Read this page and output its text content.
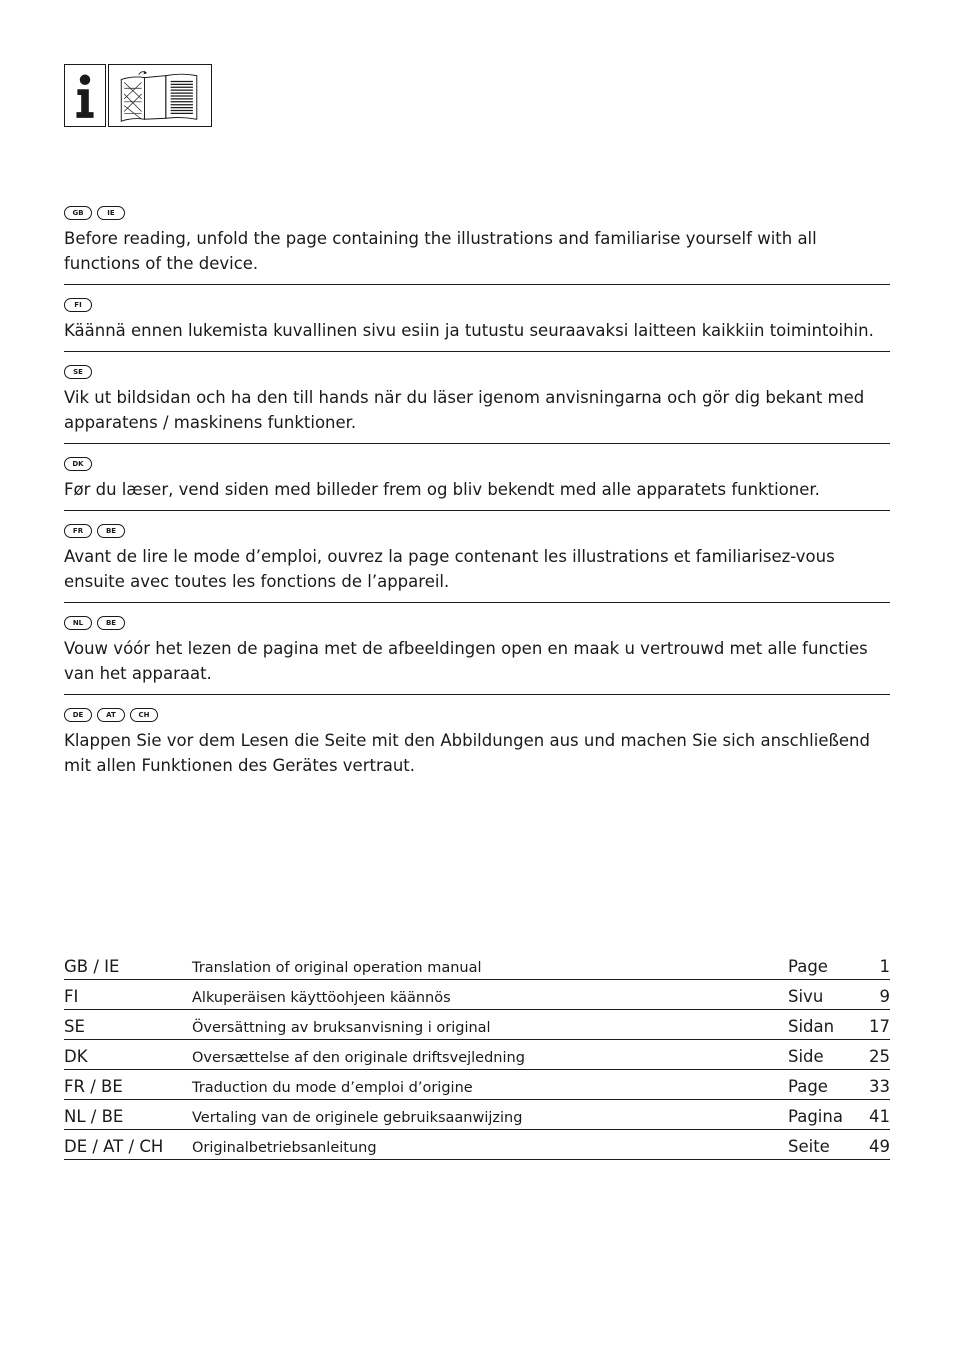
GB	IE

Before reading, unfold the page containing the illustrations and familiarise yourself with all functions of the device.

FI

Käännä ennen lukemista kuvallinen sivu esiin ja tutustu seuraavaksi laitteen kaikkiin toimintoihin.

SE

Vik ut bildsidan och ha den till hands när du läser igenom anvisningarna och gör dig bekant med apparatens / maskinens funktioner.

DK

Før du læser, vend siden med billeder frem og bliv bekendt med alle apparatets funktioner.

FR	BE

Avant de lire le mode d’emploi, ouvrez la page contenant les illustrations et familiarisez-vous ensuite avec toutes les fonctions de l’appareil.

NL	BE

Vouw vóór het lezen de pagina met de afbeeldingen open en maak u vertrouwd met alle functies van het apparaat.

DE	AT	CH

Klappen Sie vor dem Lesen die Seite mit den Abbildungen aus und machen Sie sich anschließend mit allen Funktionen des Gerätes vertraut.

GB / IE	Translation of original operation manual	Page	1
FI	Alkuperäisen käyttöohjeen käännös	Sivu	9
SE	Översättning av bruksanvisning i original	Sidan	17
DK	Oversættelse af den originale driftsvejledning	Side	25
FR / BE	Traduction du mode d’emploi d’origine	Page	33
NL / BE	Vertaling van de originele gebruiksaanwijzing	Pagina	41
DE / AT / CH	Originalbetriebsanleitung	Seite	49
